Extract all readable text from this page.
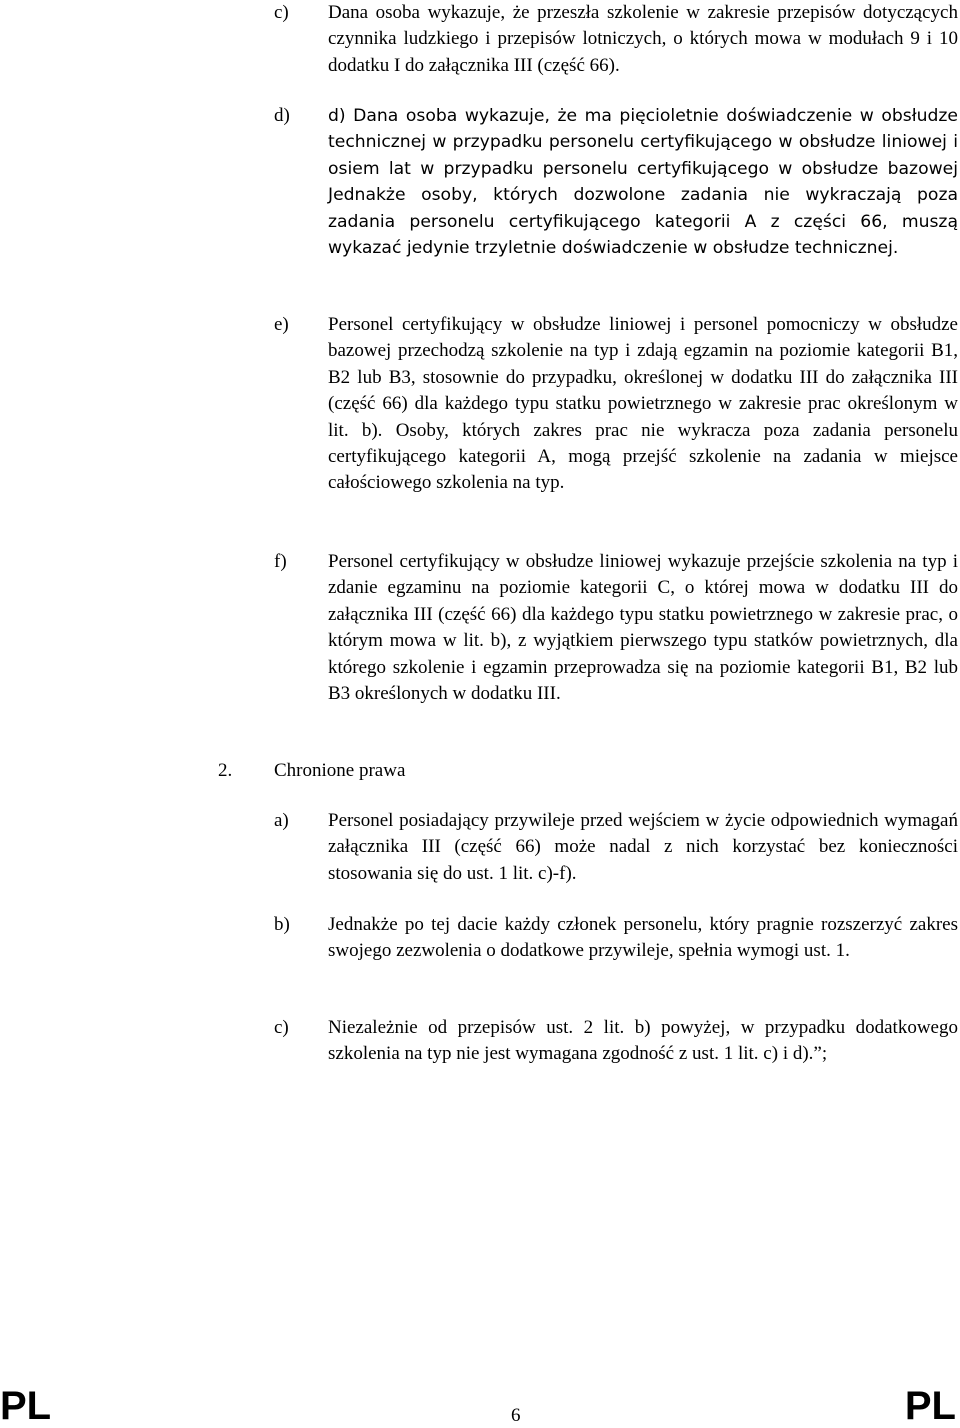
c) Dana osoba wykazuje, że przeszła szkolenie w zakresie przepisów dotyczących czynnika ludzkiego i przepisów lotniczych, o których mowa w modułach 9 i 10 dodatku I do załącznika III (część 66).
d) d) Dana osoba wykazuje, że ma pięcioletnie doświadczenie w obsłudze technicznej w przypadku personelu certyfikującego w obsłudze liniowej i osiem lat w przypadku personelu certyfikującego w obsłudze bazowej Jednakże osoby, których dozwolone zadania nie wykraczają poza zadania personelu certyfikującego kategorii A z części 66, muszą wykazać jedynie trzyletnie doświadczenie w obsłudze technicznej.
e) Personel certyfikujący w obsłudze liniowej i personel pomocniczy w obsłudze bazowej przechodzą szkolenie na typ i zdają egzamin na poziomie kategorii B1, B2 lub B3, stosownie do przypadku, określonej w dodatku III do załącznika III (część 66) dla każdego typu statku powietrznego w zakresie prac określonym w lit. b). Osoby, których zakres prac nie wykracza poza zadania personelu certyfikującego kategorii A, mogą przejść szkolenie na zadania w miejsce całościowego szkolenia na typ.
f) Personel certyfikujący w obsłudze liniowej wykazuje przejście szkolenia na typ i zdanie egzaminu na poziomie kategorii C, o której mowa w dodatku III do załącznika III (część 66) dla każdego typu statku powietrznego w zakresie prac, o którym mowa w lit. b), z wyjątkiem pierwszego typu statków powietrznych, dla którego szkolenie i egzamin przeprowadza się na poziomie kategorii B1, B2 lub B3 określonych w dodatku III.
2. Chronione prawa
a) Personel posiadający przywileje przed wejściem w życie odpowiednich wymagań załącznika III (część 66) może nadal z nich korzystać bez konieczności stosowania się do ust. 1 lit. c)-f).
b) Jednakże po tej dacie każdy członek personelu, który pragnie rozszerzyć zakres swojego zezwolenia o dodatkowe przywileje, spełnia wymogi ust. 1.
c) Niezależnie od przepisów ust. 2 lit. b) powyżej, w przypadku dodatkowego szkolenia na typ nie jest wymagana zgodność z ust. 1 lit. c) i d).”;
PL	6	PL
